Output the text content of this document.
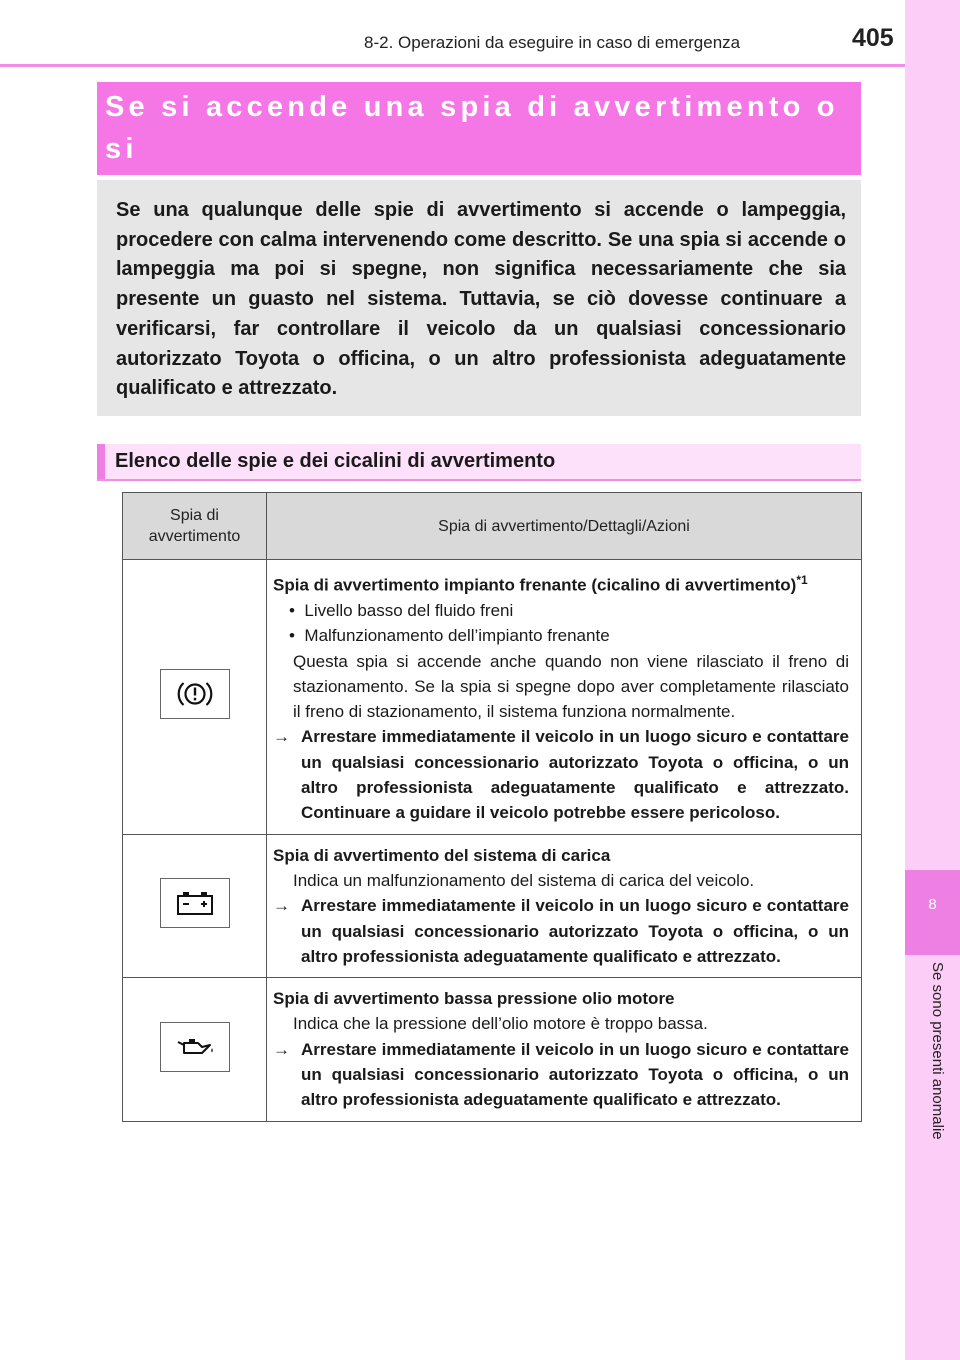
8-2. Operazioni da eseguire in caso di emergenza	405
8
Se sono presenti anomalie
Se si accende una spia di avvertimento o si
Se una qualunque delle spie di avvertimento si accende o lampeggia, procedere con calma intervenendo come descritto. Se una spia si accende o lampeggia ma poi si spegne, non significa necessariamente che sia presente un guasto nel sistema. Tuttavia, se ciò dovesse continuare a verificarsi, far controllare il veicolo da un qualsiasi concessionario autorizzato Toyota o officina, o un altro professionista adeguatamente qualificato e attrezzato.
Elenco delle spie e dei cicalini di avvertimento
Spia di avvertimento	Spia di avvertimento/Dettagli/Azioni

Spia di avvertimento impianto frenante (cicalino di avvertimento)$^{*1}$
•  Livello basso del fluido freni
•  Malfunzionamento dell’impianto frenante
Questa spia si accende anche quando non viene rilasciato il freno di stazionamento. Se la spia si spegne dopo aver completamente rilasciato il freno di stazionamento, il sistema funziona normalmente.
→ Arrestare immediatamente il veicolo in un luogo sicuro e contattare un qualsiasi concessionario autorizzato Toyota o officina, o un altro professionista adeguatamente qualificato e attrezzato. Continuare a guidare il veicolo potrebbe essere pericoloso.

Spia di avvertimento del sistema di carica
Indica un malfunzionamento del sistema di carica del veicolo.
→ Arrestare immediatamente il veicolo in un luogo sicuro e contattare un qualsiasi concessionario autorizzato Toyota o officina, o un altro professionista adeguatamente qualificato e attrezzato.

Spia di avvertimento bassa pressione olio motore
Indica che la pressione dell’olio motore è troppo bassa.
→ Arrestare immediatamente il veicolo in un luogo sicuro e contattare un qualsiasi concessionario autorizzato Toyota o officina, o un altro professionista adeguatamente qualificato e attrezzato.
